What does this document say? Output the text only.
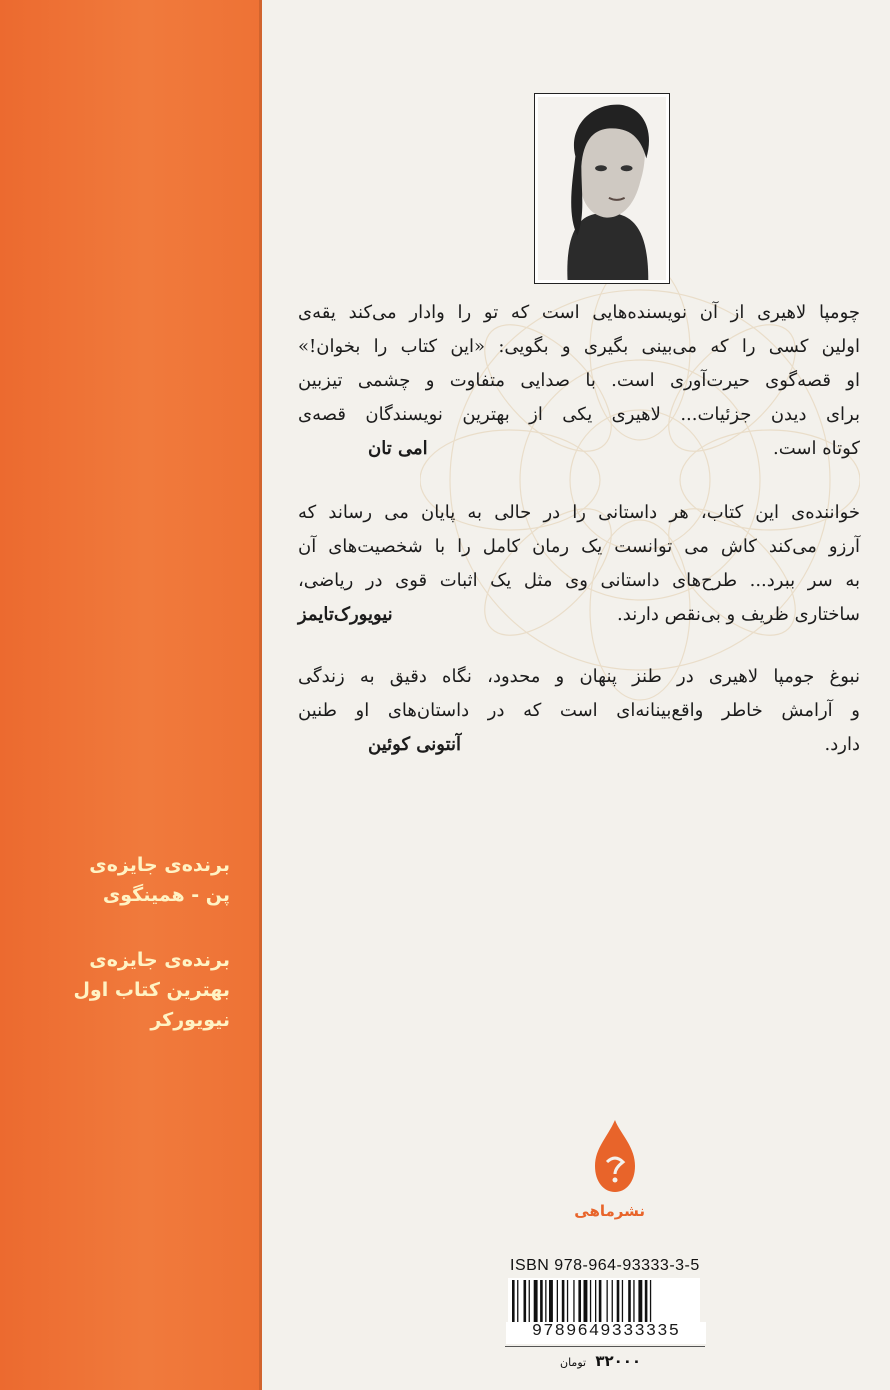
برنده‌ی جایزه‌ی
پن - همینگوی
برنده‌ی جایزه‌ی
بهترین کتاب اول
نیویورکر
چومپا لاهیری از آن نویسنده‌هایی است که تو را وادار می‌کند یقه‌ی
اولین کسی را که می‌بینی بگیری و بگویی: «این کتاب را بخوان!»
او قصه‌گوی حیرت‌آوری است. با صدایی متفاوت و چشمی تیزبین
برای دیدن جزئیات... لاهیری یکی از بهترین نویسندگان قصه‌ی
کوتاه است.
امی تان
خواننده‌ی این کتاب، هر داستانی را در حالی به پایان می رساند که
آرزو می‌کند کاش می توانست یک رمان کامل را با شخصیت‌های آن
به سر ببرد... طرح‌های داستانی وی مثل یک اثبات قوی در ریاضی،
ساختاری ظریف و بی‌نقص دارند.
نیویورک‌تایمز
نبوغ جومپا لاهیری در طنز پنهان و محدود، نگاه دقیق به زندگی
و آرامش خاطر واقع‌بینانه‌ای است که در داستان‌های او طنین
دارد.
آنتونی کوئین
نشرماهی
ISBN 978-964-93333-3-5
9789649333335
۳۲۰۰۰ تومان
